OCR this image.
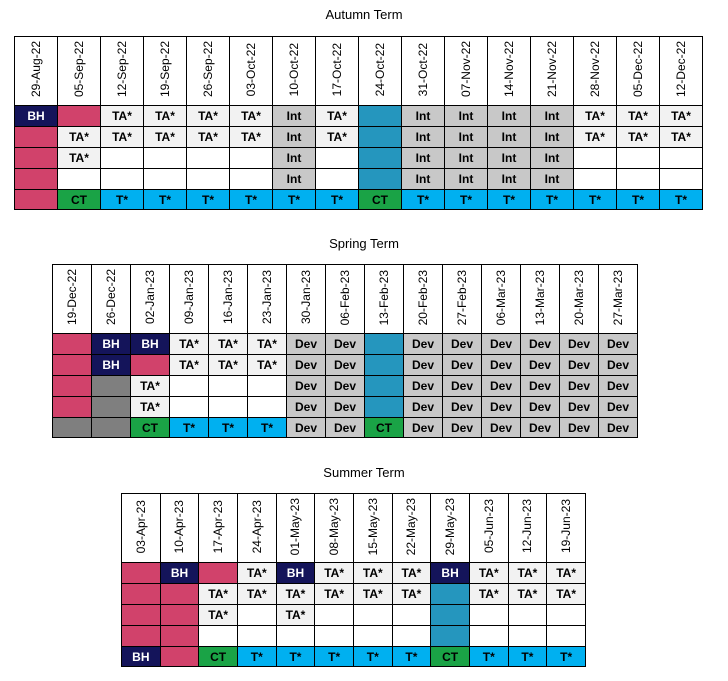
Autumn Term
29-Aug-22	05-Sep-22	12-Sep-22	19-Sep-22	26-Sep-22	03-Oct-22	10-Oct-22	17-Oct-22	24-Oct-22	31-Oct-22	07-Nov-22	14-Nov-22	21-Nov-22	28-Nov-22	05-Dec-22	12-Dec-22
BH		TA*	TA*	TA*	TA*	Int	TA*		Int	Int	Int	Int	TA*	TA*	TA*
	TA*	TA*	TA*	TA*	TA*	Int	TA*		Int	Int	Int	Int	TA*	TA*	TA*
	TA*					Int			Int	Int	Int	Int			
						Int			Int	Int	Int	Int			
	CT	T*	T*	T*	T*	T*	T*	CT	T*	T*	T*	T*	T*	T*	T*
Spring Term
19-Dec-22	26-Dec-22	02-Jan-23	09-Jan-23	16-Jan-23	23-Jan-23	30-Jan-23	06-Feb-23	13-Feb-23	20-Feb-23	27-Feb-23	06-Mar-23	13-Mar-23	20-Mar-23	27-Mar-23
	BH	BH	TA*	TA*	TA*	Dev	Dev		Dev	Dev	Dev	Dev	Dev	Dev
	BH		TA*	TA*	TA*	Dev	Dev		Dev	Dev	Dev	Dev	Dev	Dev
		TA*				Dev	Dev		Dev	Dev	Dev	Dev	Dev	Dev
		TA*				Dev	Dev		Dev	Dev	Dev	Dev	Dev	Dev
		CT	T*	T*	T*	Dev	Dev	CT	Dev	Dev	Dev	Dev	Dev	Dev
Summer Term
03-Apr-23	10-Apr-23	17-Apr-23	24-Apr-23	01-May-23	08-May-23	15-May-23	22-May-23	29-May-23	05-Jun-23	12-Jun-23	19-Jun-23
	BH		TA*	BH	TA*	TA*	TA*	BH	TA*	TA*	TA*
		TA*	TA*	TA*	TA*	TA*	TA*		TA*	TA*	TA*
		TA*		TA*							

BH		CT	T*	T*	T*	T*	T*	CT	T*	T*	T*
